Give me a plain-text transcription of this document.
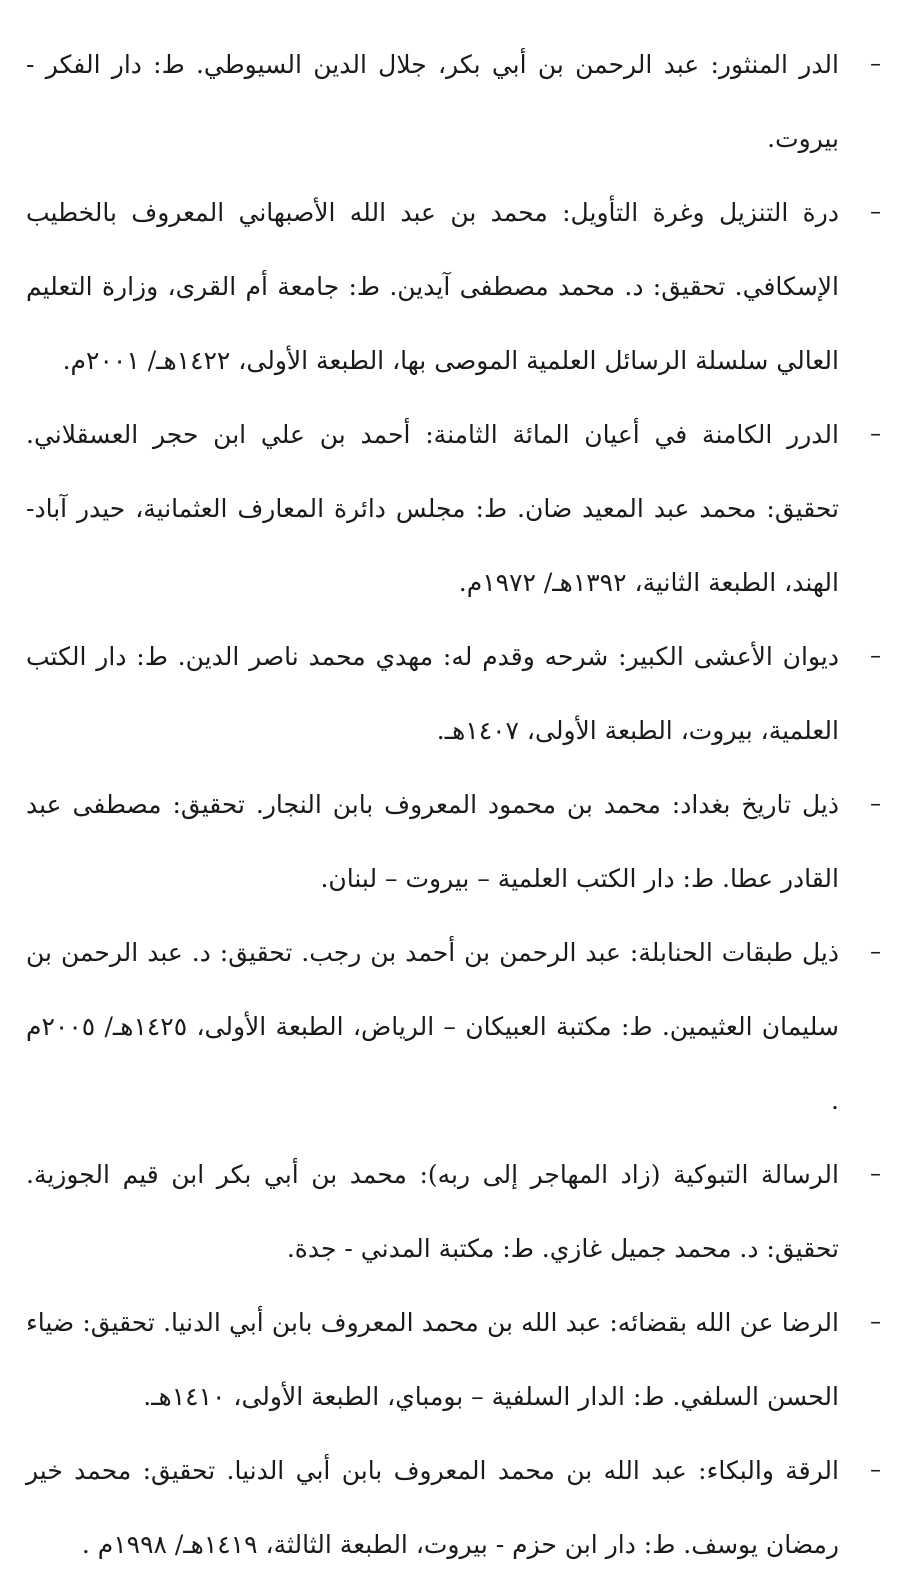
–
الدر المنثور: عبد الرحمن بن أبي بكر، جلال الدين السيوطي. ط: دار الفكر - بيروت.

–
درة التنزيل وغرة التأويل: محمد بن عبد الله الأصبهاني المعروف بالخطيب الإسكافي. تحقيق: د. محمد مصطفى آيدين. ط: جامعة أم القرى، وزارة التعليم العالي سلسلة الرسائل العلمية الموصى بها، الطبعة الأولى، ١٤٢٢هـ/ ٢٠٠١م.

–
الدرر الكامنة في أعيان المائة الثامنة: أحمد بن علي ابن حجر العسقلاني. تحقيق: محمد عبد المعيد ضان. ط: مجلس دائرة المعارف العثمانية، حيدر آباد- الهند، الطبعة الثانية، ١٣٩٢هـ/ ١٩٧٢م.

–
ديوان الأعشى الكبير: شرحه وقدم له: مهدي محمد ناصر الدين. ط: دار الكتب العلمية، بيروت، الطبعة الأولى، ١٤٠٧هـ.

–
ذيل تاريخ بغداد: محمد بن محمود المعروف بابن النجار. تحقيق: مصطفى عبد القادر عطا. ط: دار الكتب العلمية – بيروت – لبنان.

–
ذيل طبقات الحنابلة: عبد الرحمن بن أحمد بن رجب. تحقيق: د. عبد الرحمن بن سليمان العثيمين. ط: مكتبة العبيكان – الرياض، الطبعة الأولى، ١٤٢٥هـ/ ٢٠٠٥م .

–
الرسالة التبوكية (زاد المهاجر إلى ربه): محمد بن أبي بكر ابن قيم الجوزية. تحقيق: د. محمد جميل غازي. ط: مكتبة المدني - جدة.

–
الرضا عن الله بقضائه: عبد الله بن محمد المعروف بابن أبي الدنيا. تحقيق: ضياء الحسن السلفي. ط: الدار السلفية – بومباي، الطبعة الأولى، ١٤١٠هـ.

–
الرقة والبكاء: عبد الله بن محمد المعروف بابن أبي الدنيا. تحقيق: محمد خير رمضان يوسف. ط: دار ابن حزم - بيروت، الطبعة الثالثة، ١٤١٩هـ/ ١٩٩٨م .
